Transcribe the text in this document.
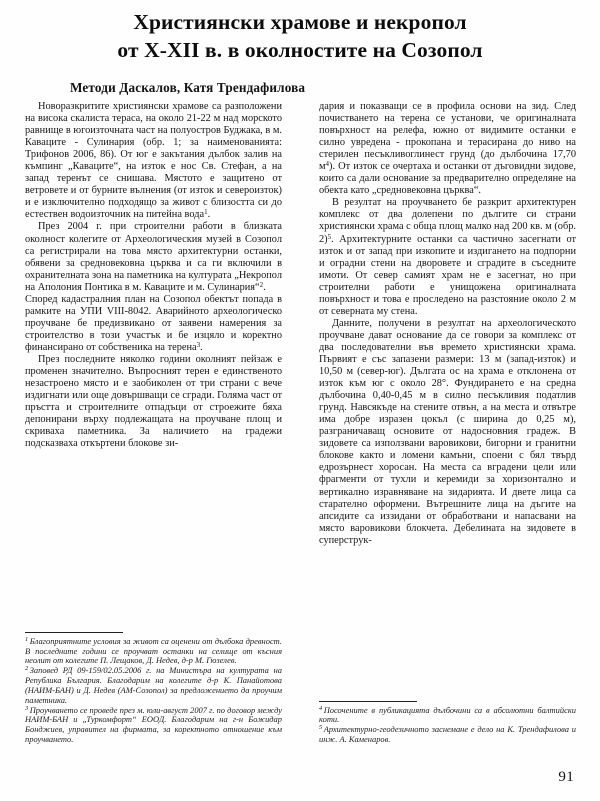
Християнски храмове и некропол
от X-XII в. в околностите на Созопол
Методи Даскалов, Катя Трендафилова

Новоразкритите християнски храмове са разположени на висока скалиста тераса, на около 21-22 м над морското равнище в югоизточната част на полуостров Буджака, в м. Кавaците - Сулинария (обр. 1; за наименованията: Трифонов 2006, 86). От юг е закътания дълбок залив на къмпинг „Кавaците“, на изток е нос Св. Стефан, а на запад теренът се снишава. Мястото е защитено от ветровете и от бурните вълнения (от изток и североизток) и е изключително подходящо за живот с близостта си до естествен водоизточник на питейна вода$^1$.

През 2004 г. при строителни работи в близката околност колегите от Археологическия музей в Созопол са регистрирали на това място архитектурни останки, обявени за средновековна църква и са ги включили в охранителната зона на паметника на културата „Некропол на Аполония Понтика в м. Кавaците и м. Сулинария“$^2$.

Според кадастралния план на Созопол обектът попада в рамките на УПИ VIII-8042. Аварийното археологическо проучване бе предизвикано от заявени намерения за строителство в този участък и бе изцяло и коректно финансирано от собственика на терена$^3$.

През последните няколко години околният пейзаж е променен значително. Въпросният терен е единственото незастроено място и е заобиколен от три страни с вече издигнати или още довършващи се сгради. Голяма част от пръстта и строителните отпадъци от строежите бяха депонирани върху подлежащата на проучване площ и скриваха паметника. За наличието на градежи подсказваха откъртени блокове зи-

$^1$ Благоприятните условия за живот са оценени от дълбока древност. В последните години се проучват останки на селище от късния неолит от колегите П. Лещаков, Д. Недев, д-р М. Гюзелев.

$^2$ Заповед РД 09-159/02.05.2006 г. на Министъра на културата на Република България. Благодарим на колегите д-р К. Панайотова (НАИМ-БАН) и Д. Недев (АМ-Созопол) за предложението да проучим паметника.

$^3$ Проучването се проведе през м. юли-август 2007 г. по договор между НАИМ-БАН и „Туркомфорт“ ЕООД. Благодарим на г-н Божидар Бонджиев, управител на фирмата, за коректното отношение към проучването.

дария и показващи се в профила основи на зид. След почистването на терена се установи, че оригиналната повърхност на релефа, южно от видимите останки е силно увредена - прокопана и терасирана до ниво на стерилен песъкливоглинест грунд (до дълбочина 17,70 $м^4$). От изток се очертаха и останки от дъговидни зидове, които са дали основание за предварително определяне на обекта като „средновековна църква“.

В резултат на проучването бе разкрит архитектурен комплекс от два долепени по дългите си страни християнски храма с обща площ малко над 200 кв. м (обр. 2)$^5$. Архитектурните останки са частично засегнати от изток и от запад при изкопите и издигането на подпорни и оградни стени на дворовете и сградите в съседните имоти. От север самият храм не е засегнат, но при строителни работи е унищожена оригиналната повърхност и това е проследено на разстояние около 2 м от северната му стена.

Данните, получени в резултат на археологическото проучване дават основание да се говори за комплекс от два последователни във времето християнски храма. Първият е със запазени размери: 13 м (запад-изток) и 10,50 м (север-юг). Дългата ос на храма е отклонена от изток към юг с около 28°. Фундирането е на средна дълбочина 0,40-0,45 м в силно песъкливия податлив грунд. Навсякъде на стените отвън, а на места и отвътре има добре изразен цокъл (с ширина до 0,25 м), разграничаващ основите от надосновния градеж. В зидовете са използвани варовикови, бигорни и гранитни блокове както и ломени камъни, споени с бял твърд едрозърнест хоросан. На места са вградени цели или фрагменти от тухли и керемиди за хоризонтално и вертикално изравняване на зидарията. И двете лица са старателно оформени. Вътрешните лица на дъгите на апсидите са иззидани от обработвани и напасвани на място варовикови блокчета. Дебелината на зидовете в суперструк-

$^4$ Посочените в публикацията дълбочини са в абсолютни балтийски коти.

$^5$ Архитектурно-геодезичното заснемане е дело на К. Трендафилова и инж. А. Каменаров.

91
